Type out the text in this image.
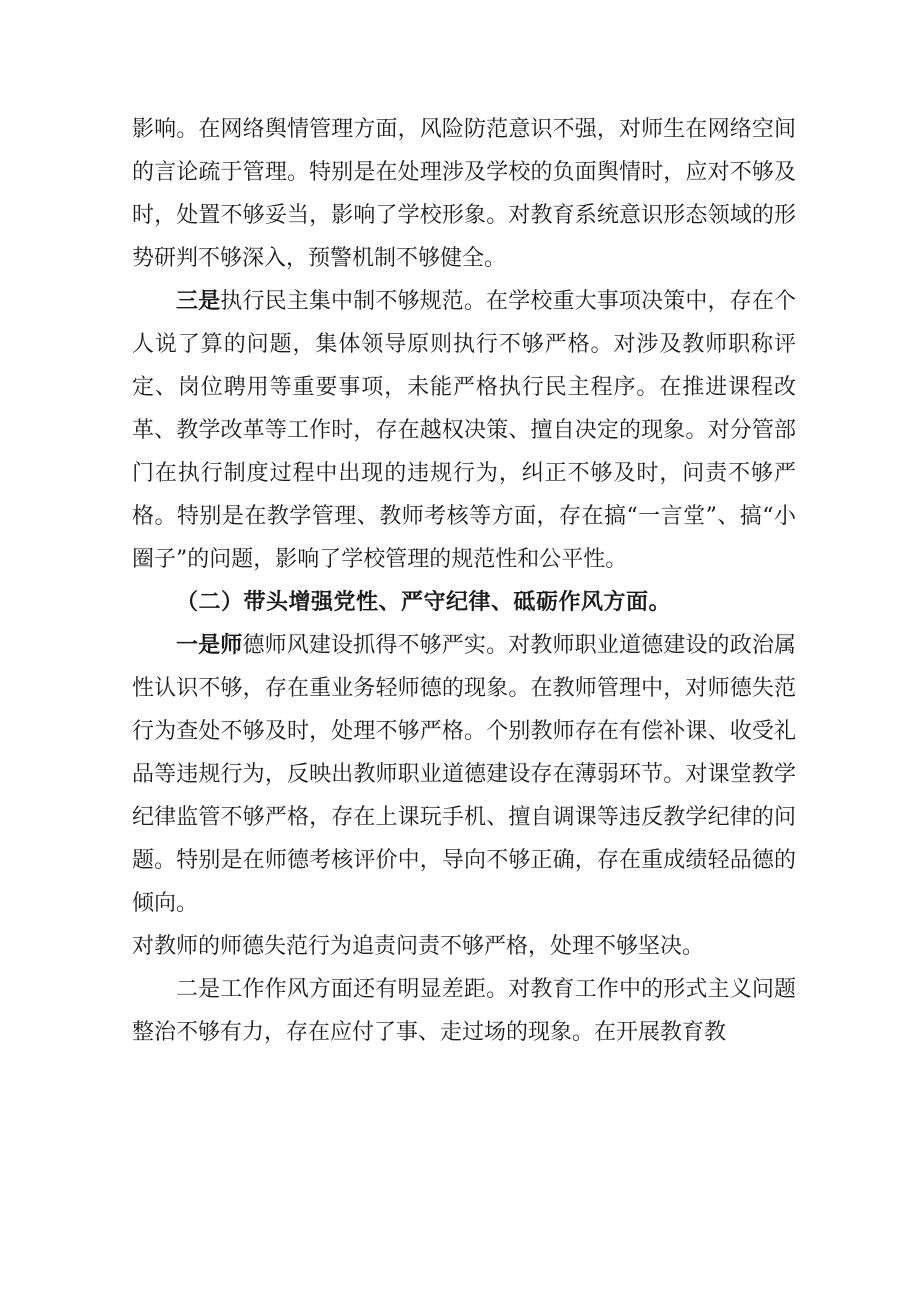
影响。在网络舆情管理方面，风险防范意识不强，对师生在网络空间的言论疏于管理。特别是在处理涉及学校的负面舆情时，应对不够及时，处置不够妥当，影响了学校形象。对教育系统意识形态领域的形势研判不够深入，预警机制不够健全。

三是执行民主集中制不够规范。在学校重大事项决策中，存在个人说了算的问题，集体领导原则执行不够严格。对涉及教师职称评定、岗位聘用等重要事项，未能严格执行民主程序。在推进课程改革、教学改革等工作时，存在越权决策、擅自决定的现象。对分管部门在执行制度过程中出现的违规行为，纠正不够及时，问责不够严格。特别是在教学管理、教师考核等方面，存在搞“一言堂”、搞“小圈子”的问题，影响了学校管理的规范性和公平性。

（二）带头增强党性、严守纪律、砥砺作风方面。

一是师德师风建设抓得不够严实。对教师职业道德建设的政治属性认识不够，存在重业务轻师德的现象。在教师管理中，对师德失范行为查处不够及时，处理不够严格。个别教师存在有偿补课、收受礼品等违规行为，反映出教师职业道德建设存在薄弱环节。对课堂教学纪律监管不够严格，存在上课玩手机、擅自调课等违反教学纪律的问题。特别是在师德考核评价中，导向不够正确，存在重成绩轻品德的倾向。

对教师的师德失范行为追责问责不够严格，处理不够坚决。

二是工作作风方面还有明显差距。对教育工作中的形式主义问题整治不够有力，存在应付了事、走过场的现象。在开展教育教
